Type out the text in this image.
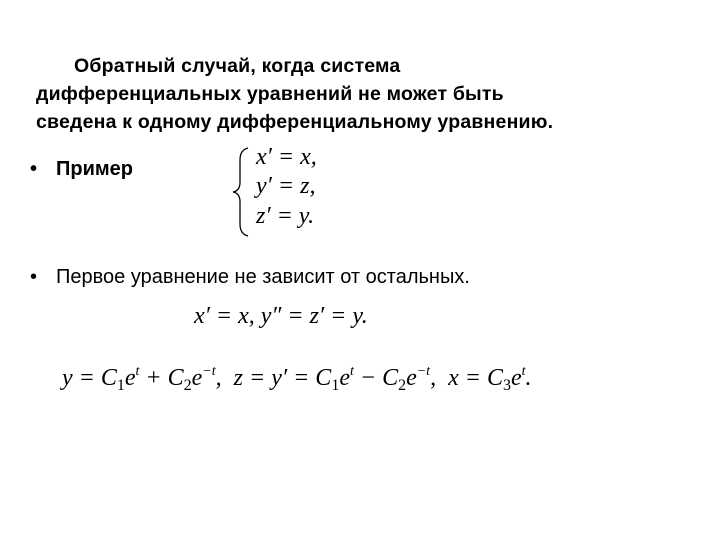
Обратный случай, когда система
дифференциальных уравнений не может быть
сведена к одному дифференциальному уравнению.
• Пример	x′ = x,
y′ = z,
z′ = y.
• Первое уравнение не зависит от остальных.
x′ = x, y″ = z′ = y.
$y = C_1e^t + C_2e^{-t}$,  $z = y' = C_1e^t - C_2e^{-t}$,  $x = C_3e^t$.
